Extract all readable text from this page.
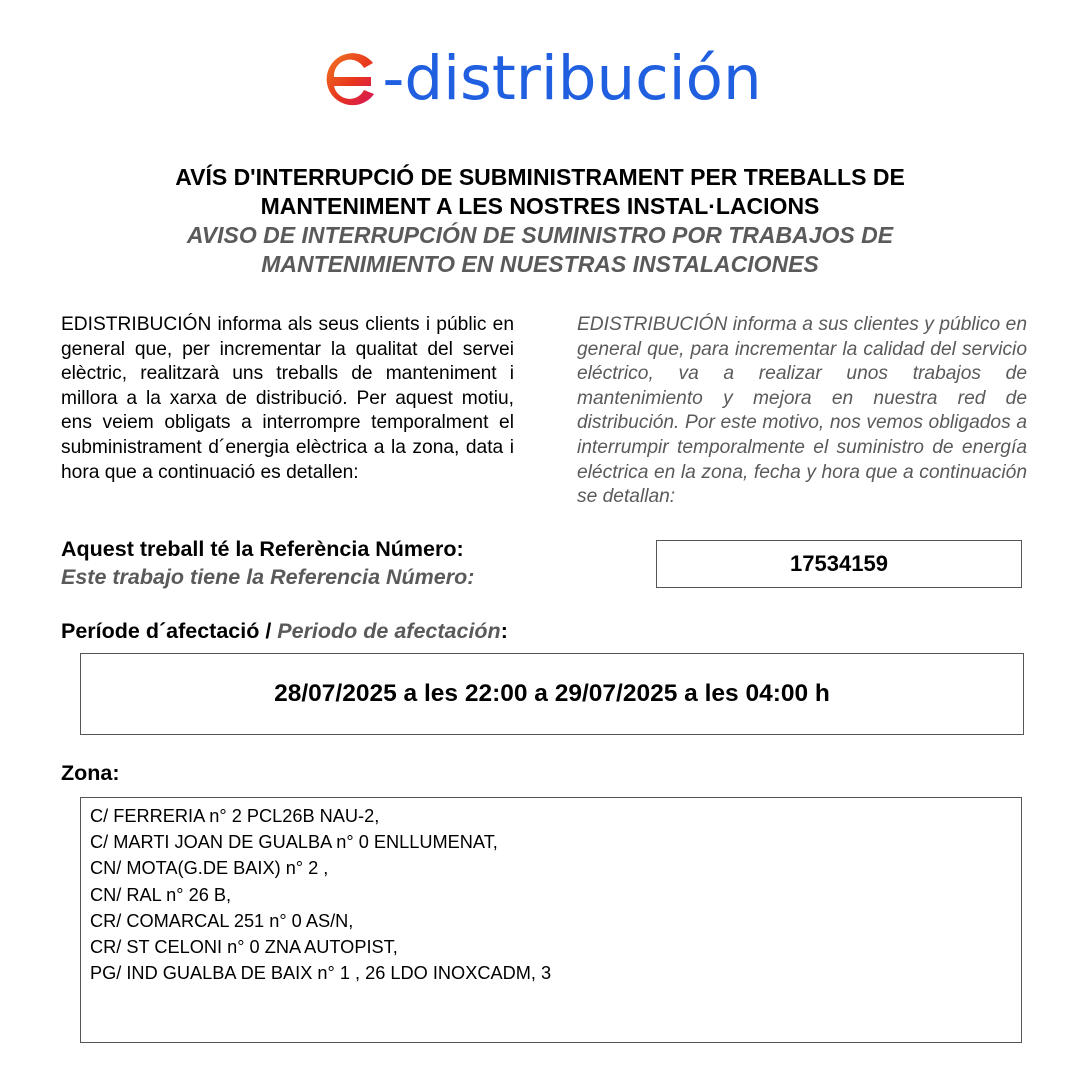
-distribución

AVÍS D'INTERRUPCIÓ DE SUBMINISTRAMENT PER TREBALLS DE

MANTENIMENT A LES NOSTRES INSTAL·LACIONS

AVISO DE INTERRUPCIÓN DE SUMINISTRO POR TRABAJOS DE

MANTENIMIENTO EN NUESTRAS INSTALACIONES

EDISTRIBUCIÓN informa als seus clients i públic en general que, per incrementar la qualitat del servei elèctric, realitzarà uns treballs de manteniment i millora a la xarxa de distribució. Per aquest motiu, ens veiem obligats a interrompre temporalment el subministrament d´energia elèctrica a la zona, data i hora que a continuació es detallen:

EDISTRIBUCIÓN informa a sus clientes y público en general que, para incrementar la calidad del servicio eléctrico, va a realizar unos trabajos de mantenimiento y mejora en nuestra red de distribución. Por este motivo, nos vemos obligados a interrumpir temporalmente el suministro de energía eléctrica en la zona, fecha y hora que a continuación se detallan:

Aquest treball té la Referència Número:

Este trabajo tiene la Referencia Número:

17534159

Període d´afectació / Periodo de afectación:

28/07/2025 a les 22:00 a 29/07/2025 a les 04:00 h

Zona:

C/ FERRERIA n° 2 PCL26B NAU-2,

C/ MARTI JOAN DE GUALBA n° 0 ENLLUMENAT,

CN/ MOTA(G.DE BAIX) n° 2 ,

CN/ RAL n° 26 B,

CR/ COMARCAL 251 n° 0 AS/N,

CR/ ST CELONI n° 0 ZNA AUTOPIST,

PG/ IND GUALBA DE BAIX n° 1 , 26 LDO INOXCADM, 3
